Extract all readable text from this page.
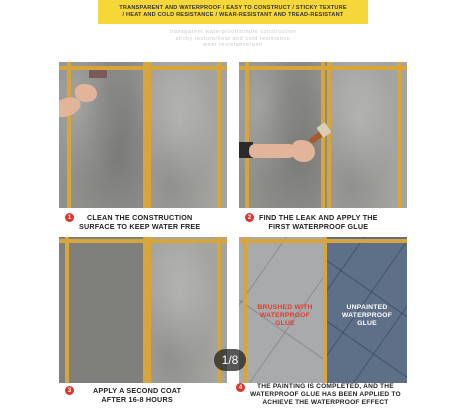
TRANSPARENT AND WATERPROOF / EASY TO CONSTRUCT / STICKY TEXTURE
/ HEAT AND COLD RESISTANCE / WEAR-RESISTANT AND TREAD-RESISTANT
transparent waterproof/simple construction
sticky texture/heat and cold resistance
wear resistance/anti
BRUSHED WITH
WATERPROOF
GLUE
UNPAINTED
WATERPROOF
GLUE
1	CLEAN THE CONSTRUCTION
SURFACE TO KEEP WATER FREE
2	FIND THE LEAK AND APPLY THE
FIRST WATERPROOF GLUE
3	APPLY A SECOND COAT
AFTER 16-8 HOURS
4	THE PAINTING IS COMPLETED, AND THE
WATERPROOF GLUE HAS BEEN APPLIED TO
ACHIEVE THE WATERPROOF EFFECT
1/8
